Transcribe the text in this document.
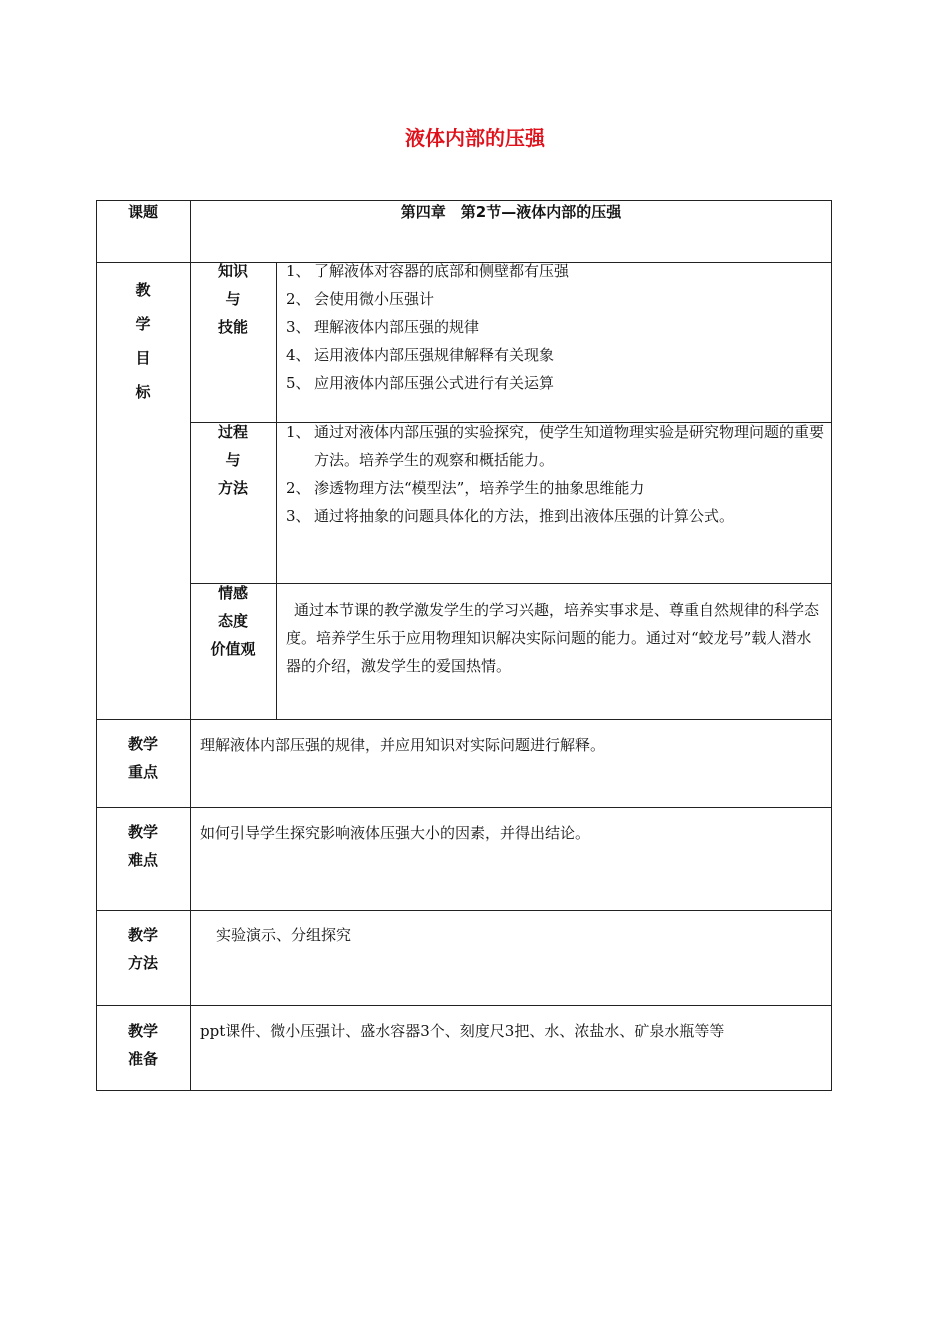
液体内部的压强
课题	第四章　第2节—液体内部的压强
教
学
目
标
知识
与
技能
1、 了解液体对容器的底部和侧壁都有压强
2、 会使用微小压强计
3、 理解液体内部压强的规律
4、 运用液体内部压强规律解释有关现象
5、 应用液体内部压强公式进行有关运算
过程
与
方法
1、 通过对液体内部压强的实验探究，使学生知道物理实验是研究物理问题的重要方法。培养学生的观察和概括能力。
2、 渗透物理方法“模型法”，培养学生的抽象思维能力
3、 通过将抽象的问题具体化的方法，推到出液体压强的计算公式。
情感
态度
价值观
通过本节课的教学激发学生的学习兴趣，培养实事求是、尊重自然规律的科学态度。培养学生乐于应用物理知识解决实际问题的能力。通过对“蛟龙号”载人潜水器的介绍，激发学生的爱国热情。
教学
重点
理解液体内部压强的规律，并应用知识对实际问题进行解释。
教学
难点
如何引导学生探究影响液体压强大小的因素，并得出结论。
教学
方法
实验演示、分组探究
教学
准备
ppt课件、微小压强计、盛水容器3个、刻度尺3把、水、浓盐水、矿泉水瓶等等
